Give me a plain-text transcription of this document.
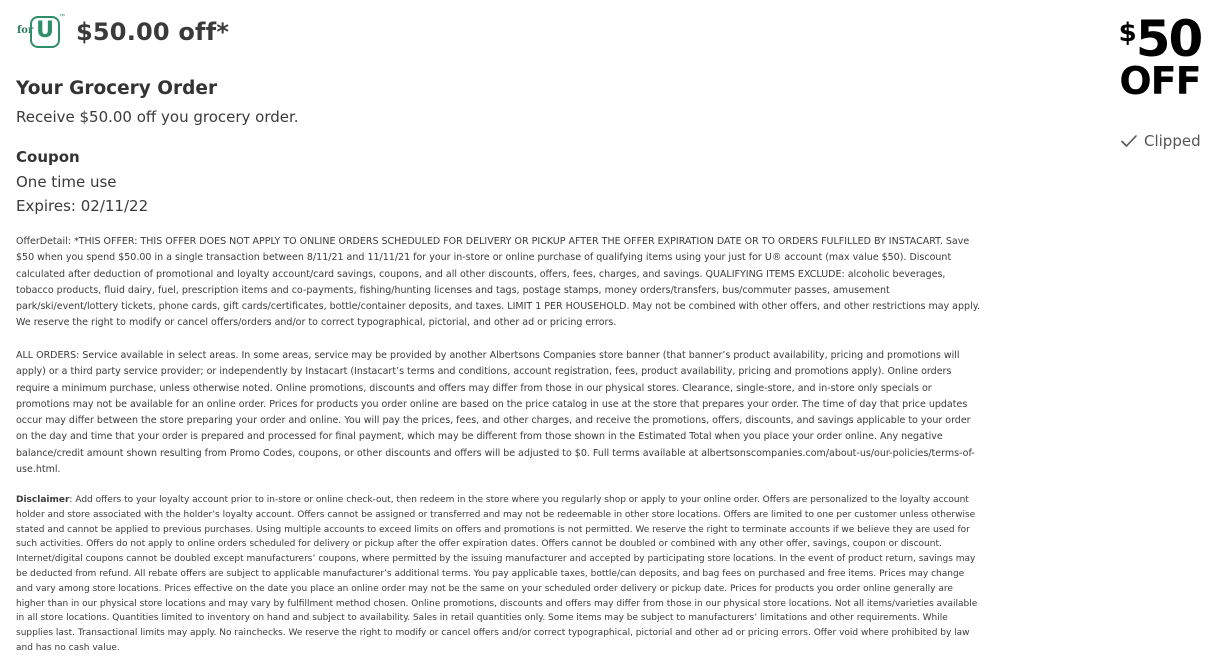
for U
™
$50.00 off*
Your Grocery Order
Receive $50.00 off you grocery order.
Coupon
One time use
Expires: 02/11/22
$ 50
OFF
Clipped
OfferDetail: *THIS OFFER: THIS OFFER DOES NOT APPLY TO ONLINE ORDERS SCHEDULED FOR DELIVERY OR PICKUP AFTER THE OFFER EXPIRATION DATE OR TO ORDERS FULFILLED BY INSTACART. Save $50 when you spend $50.00 in a single transaction between 8/11/21 and 11/11/21 for your in-store or online purchase of qualifying items using your just for U® account (max value $50). Discount calculated after deduction of promotional and loyalty account/card savings, coupons, and all other discounts, offers, fees, charges, and savings. QUALIFYING ITEMS EXCLUDE: alcoholic beverages, tobacco products, fluid dairy, fuel, prescription items and co-payments, fishing/hunting licenses and tags, postage stamps, money orders/transfers, bus/commuter passes, amusement park/ski/event/lottery tickets, phone cards, gift cards/certificates, bottle/container deposits, and taxes. LIMIT 1 PER HOUSEHOLD. May not be combined with other offers, and other restrictions may apply. We reserve the right to modify or cancel offers/orders and/or to correct typographical, pictorial, and other ad or pricing errors.
ALL ORDERS: Service available in select areas. In some areas, service may be provided by another Albertsons Companies store banner (that banner’s product availability, pricing and promotions will apply) or a third party service provider; or independently by Instacart (Instacart’s terms and conditions, account registration, fees, product availability, pricing and promotions apply). Online orders require a minimum purchase, unless otherwise noted. Online promotions, discounts and offers may differ from those in our physical stores. Clearance, single-store, and in-store only specials or promotions may not be available for an online order. Prices for products you order online are based on the price catalog in use at the store that prepares your order. The time of day that price updates occur may differ between the store preparing your order and online. You will pay the prices, fees, and other charges, and receive the promotions, offers, discounts, and savings applicable to your order on the day and time that your order is prepared and processed for final payment, which may be different from those shown in the Estimated Total when you place your order online. Any negative balance/credit amount shown resulting from Promo Codes, coupons, or other discounts and offers will be adjusted to $0. Full terms available at albertsonscompanies.com/about-us/our-policies/terms-of-use.html.
Disclaimer: Add offers to your loyalty account prior to in-store or online check-out, then redeem in the store where you regularly shop or apply to your online order. Offers are personalized to the loyalty account holder and store associated with the holder’s loyalty account. Offers cannot be assigned or transferred and may not be redeemable in other store locations. Offers are limited to one per customer unless otherwise stated and cannot be applied to previous purchases. Using multiple accounts to exceed limits on offers and promotions is not permitted. We reserve the right to terminate accounts if we believe they are used for such activities. Offers do not apply to online orders scheduled for delivery or pickup after the offer expiration dates. Offers cannot be doubled or combined with any other offer, savings, coupon or discount. Internet/digital coupons cannot be doubled except manufacturers’ coupons, where permitted by the issuing manufacturer and accepted by participating store locations. In the event of product return, savings may be deducted from refund. All rebate offers are subject to applicable manufacturer’s additional terms. You pay applicable taxes, bottle/can deposits, and bag fees on purchased and free items. Prices may change and vary among store locations. Prices effective on the date you place an online order may not be the same on your scheduled order delivery or pickup date. Prices for products you order online generally are higher than in our physical store locations and may vary by fulfillment method chosen. Online promotions, discounts and offers may differ from those in our physical store locations. Not all items/varieties available in all store locations. Quantities limited to inventory on hand and subject to availability. Sales in retail quantities only. Some items may be subject to manufacturers’ limitations and other requirements. While supplies last. Transactional limits may apply. No rainchecks. We reserve the right to modify or cancel offers and/or correct typographical, pictorial and other ad or pricing errors. Offer void where prohibited by law and has no cash value.
